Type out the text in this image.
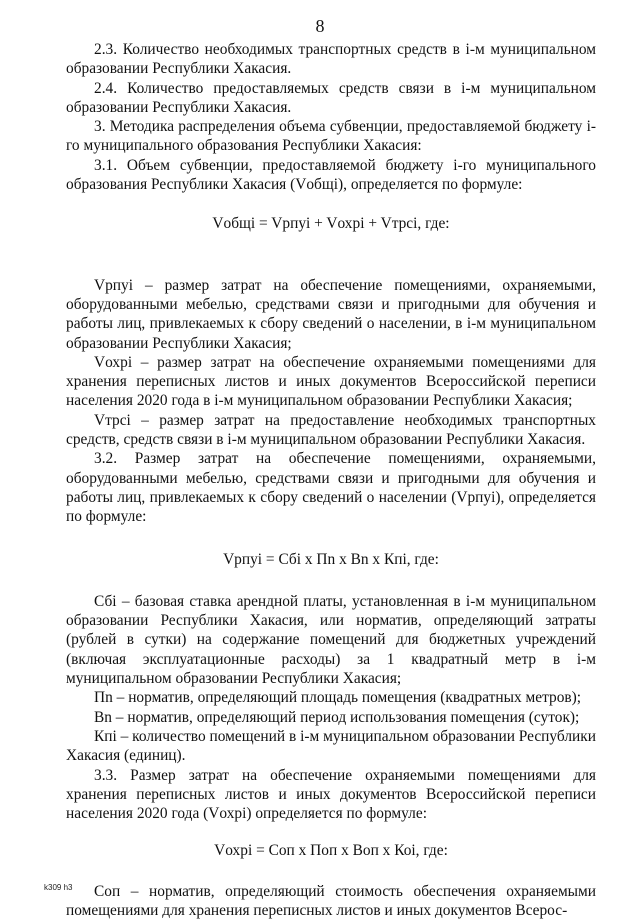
8

2.3. Количество необходимых транспортных средств в i-м муниципальном образовании Республики Хакасия.

2.4. Количество предоставляемых средств связи в i-м муниципальном образовании Республики Хакасия.

3. Методика распределения объема субвенции, предоставляемой бюджету i-го муниципального образования Республики Хакасия:

3.1. Объем субвенции, предоставляемой бюджету i-го муниципального образования Республики Хакасия (Vобщi), определяется по формуле:

Vобщi = Vрпуi + Vохрi + Vтрсi, где:

Vрпуi – размер затрат на обеспечение помещениями, охраняемыми, оборудованными мебелью, средствами связи и пригодными для обучения и работы лиц, привлекаемых к сбору сведений о населении, в i-м муниципальном образовании Республики Хакасия;

Vохрi – размер затрат на обеспечение охраняемыми помещениями для хранения переписных листов и иных документов Всероссийской переписи населения 2020 года в i-м муниципальном образовании Республики Хакасия;

Vтрсi – размер затрат на предоставление необходимых транспортных средств, средств связи в i-м муниципальном образовании Республики Хакасия.

3.2. Размер затрат на обеспечение помещениями, охраняемыми, оборудованными мебелью, средствами связи и пригодными для обучения и работы лиц, привлекаемых к сбору сведений о населении (Vрпуi), определяется по формуле:

Vрпуi = Сбi x Пn x Вn x Кпi, где:

Сбi – базовая ставка арендной платы, установленная в i-м муниципальном образовании Республики Хакасия, или норматив, определяющий затраты (рублей в сутки) на содержание помещений для бюджетных учреждений (включая эксплуатационные расходы) за 1 квадратный метр в i-м муниципальном образовании Республики Хакасия;

Пn – норматив, определяющий площадь помещения (квадратных метров);

Вn – норматив, определяющий период использования помещения (суток);

Кпi – количество помещений в i-м муниципальном образовании Республики Хакасия (единиц).

3.3. Размер затрат на обеспечение охраняемыми помещениями для хранения переписных листов и иных документов Всероссийской переписи населения 2020 года (Vохрi) определяется по формуле:

Vохрi = Соп x Поп x Воп x Коi, где:

Соп – норматив, определяющий стоимость обеспечения охраняемыми помещениями для хранения переписных листов и иных документов Всерос-

k309 h3
